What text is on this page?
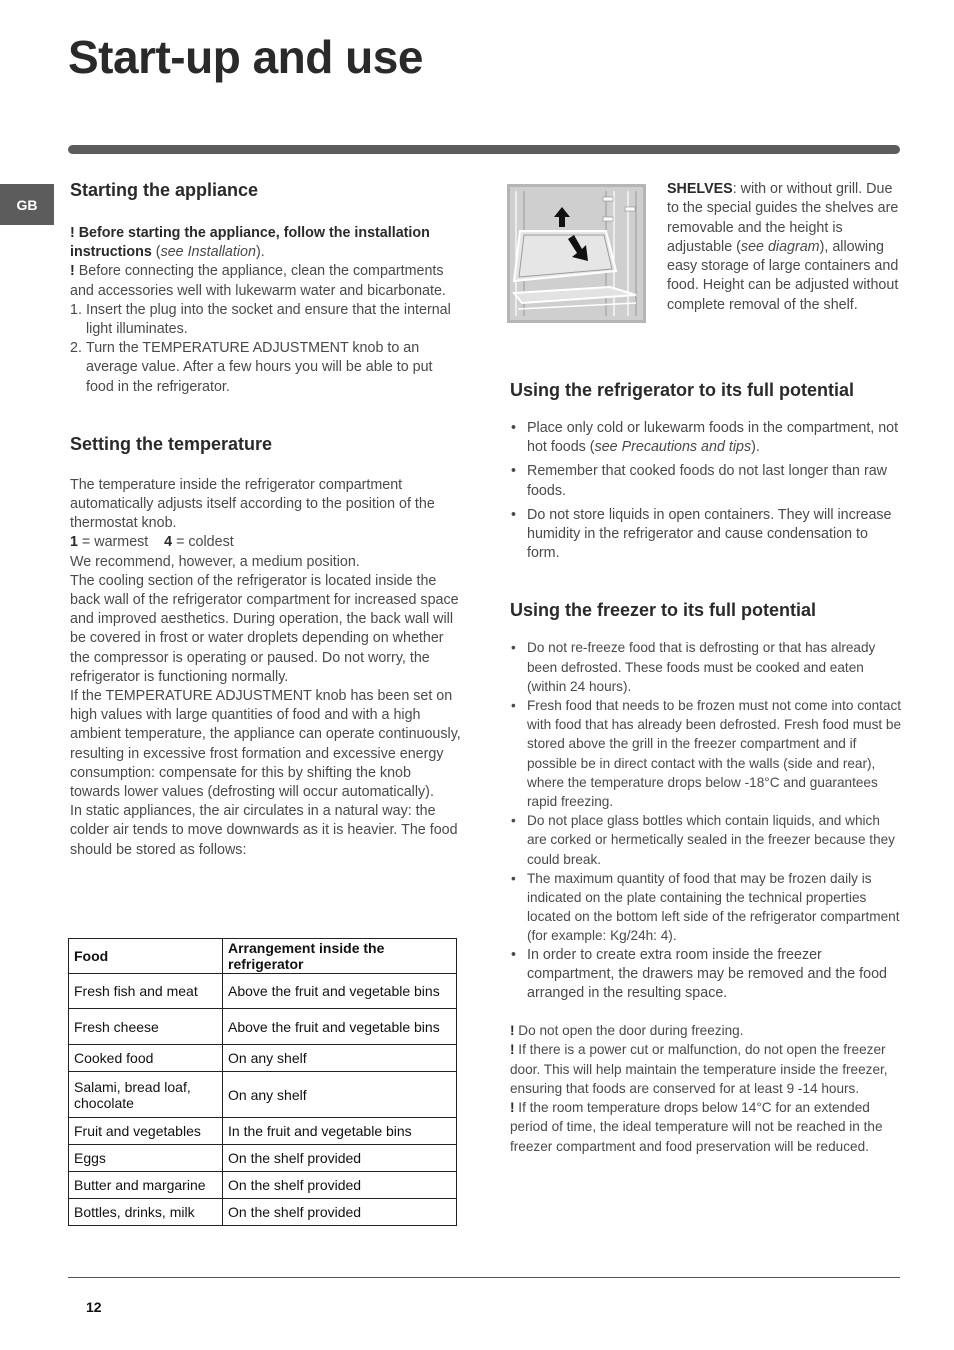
Start-up and use
GB
Starting the appliance

! Before starting the appliance, follow the installation instructions (see Installation).

! Before connecting the appliance, clean the compartments and accessories well with lukewarm water and bicarbonate.

1. Insert the plug into the socket and ensure that the internal light illuminates.
2. Turn the TEMPERATURE ADJUSTMENT knob to an average value. After a few hours you will be able to put food in the refrigerator.
Setting the temperature

The temperature inside the refrigerator compartment automatically adjusts itself according to the position of the thermostat knob.

1 = warmest 4 = coldest

We recommend, however, a medium position.

The cooling section of the refrigerator is located inside the back wall of the refrigerator compartment for increased space and improved aesthetics. During operation, the back wall will be covered in frost or water droplets depending on whether the compressor is operating or paused. Do not worry, the refrigerator is functioning normally.

If the TEMPERATURE ADJUSTMENT knob has been set on high values with large quantities of food and with a high ambient temperature, the appliance can operate continuously, resulting in excessive frost formation and excessive energy consumption: compensate for this by shifting the knob towards lower values (defrosting will occur automatically).

In static appliances, the air circulates in a natural way: the colder air tends to move downwards as it is heavier. The food should be stored as follows:

Food	Arrangement inside the refrigerator
Fresh fish and meat	Above the fruit and vegetable bins
Fresh cheese	Above the fruit and vegetable bins
Cooked food	On any shelf
Salami, bread loaf, chocolate	On any shelf
Fruit and vegetables	In the fruit and vegetable bins
Eggs	On the shelf provided
Butter and margarine	On the shelf provided
Bottles, drinks, milk	On the shelf provided

SHELVES: with or without grill. Due to the special guides the shelves are removable and the height is adjustable (see diagram), allowing easy storage of large containers and food. Height can be adjusted without complete removal of the shelf.

Using the refrigerator to its full potential
• Place only cold or lukewarm foods in the compartment, not hot foods (see Precautions and tips).
• Remember that cooked foods do not last longer than raw foods.
• Do not store liquids in open containers. They will increase humidity in the refrigerator and cause condensation to form.
Using the freezer to its full potential
• Do not re-freeze food that is defrosting or that has already been defrosted. These foods must be cooked and eaten (within 24 hours).
• Fresh food that needs to be frozen must not come into contact with food that has already been defrosted. Fresh food must be stored above the grill in the freezer compartment and if possible be in direct contact with the walls (side and rear), where the temperature drops below -18°C and guarantees rapid freezing.
• Do not place glass bottles which contain liquids, and which are corked or hermetically sealed in the freezer because they could break.
• The maximum quantity of food that may be frozen daily is indicated on the plate containing the technical properties located on the bottom left side of the refrigerator compartment (for example: Kg/24h: 4).
• In order to create extra room inside the freezer compartment, the drawers may be removed and the food arranged in the resulting space.

! Do not open the door during freezing.

! If there is a power cut or malfunction, do not open the freezer door. This will help maintain the temperature inside the freezer, ensuring that foods are conserved for at least 9 -14 hours.

! If the room temperature drops below 14°C for an extended period of time, the ideal temperature will not be reached in the freezer compartment and food preservation will be reduced.

12
